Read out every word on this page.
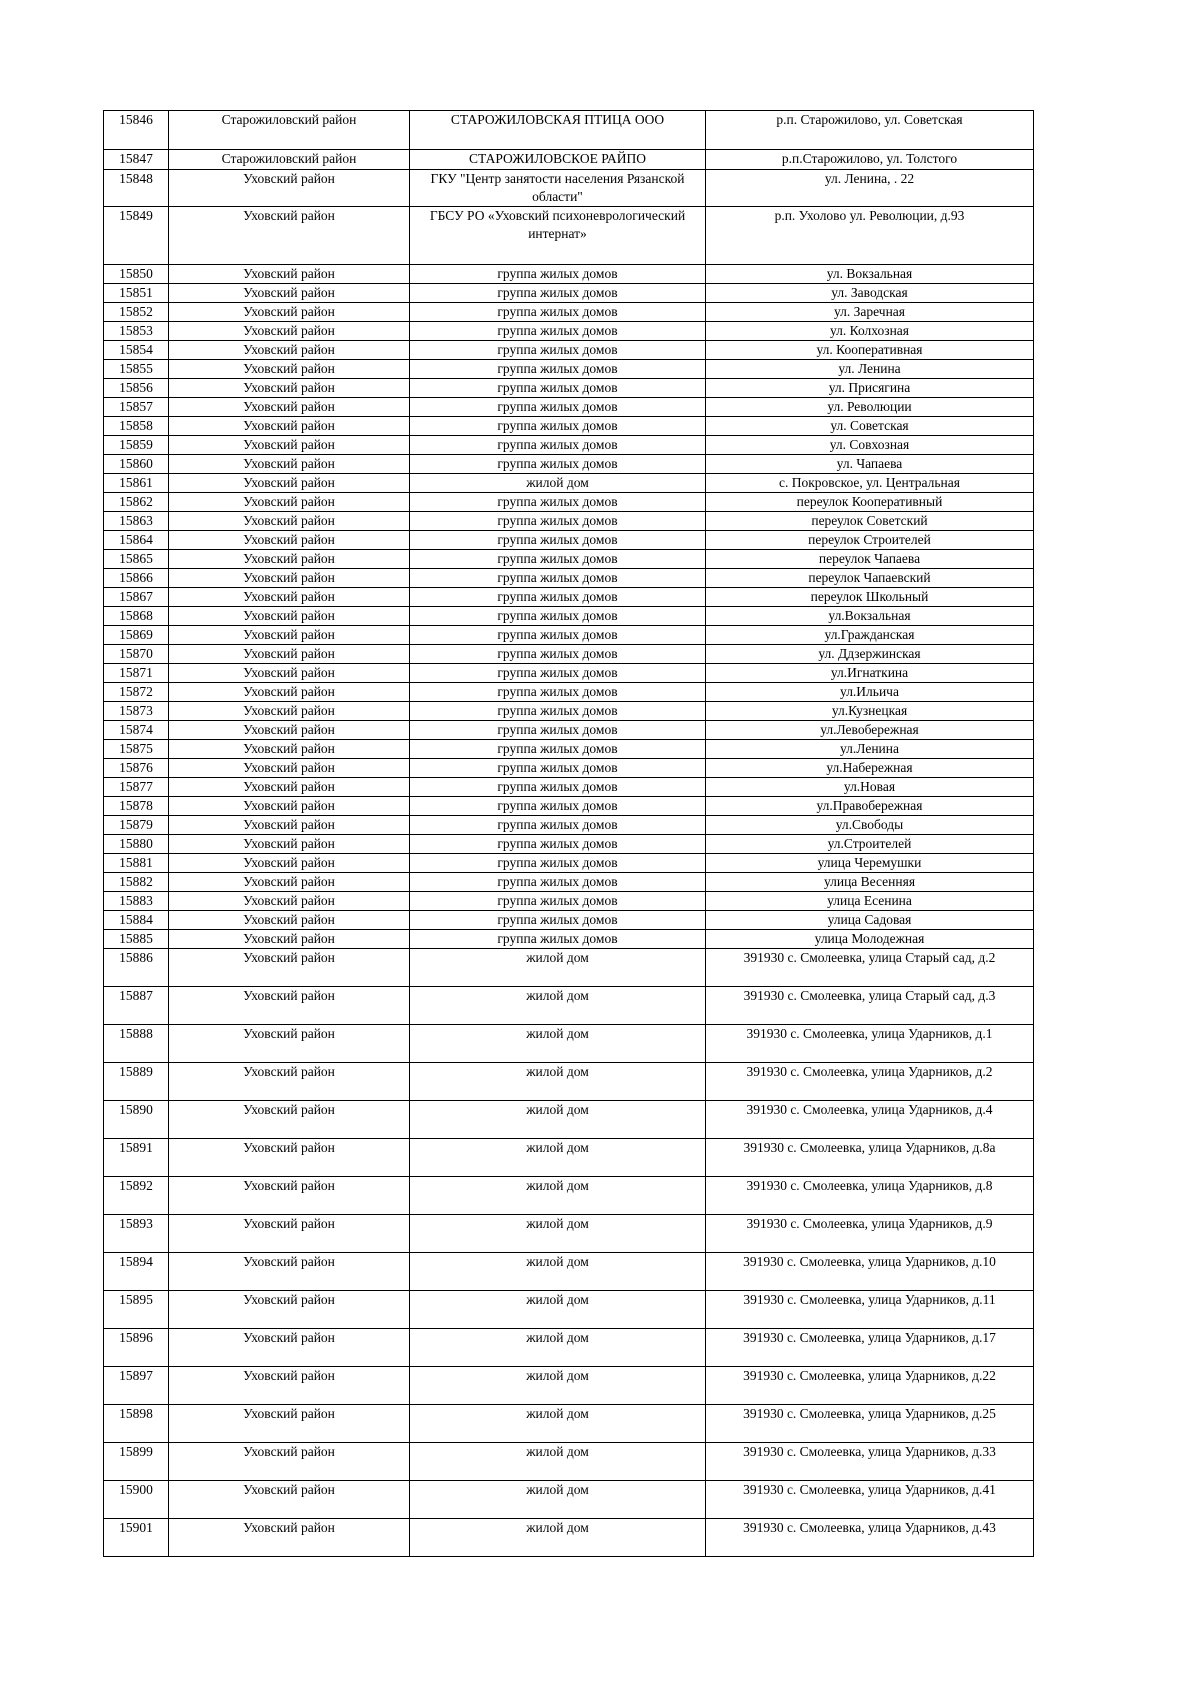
15846	Старожиловский район	СТАРОЖИЛОВСКАЯ ПТИЦА ООО	р.п. Старожилово, ул. Советская
15847	Старожиловский район	СТАРОЖИЛОВСКОЕ РАЙПО	р.п.Старожилово, ул. Толстого
15848	Уховский район	ГКУ "Центр занятости населения Рязанской области"	ул. Ленина, . 22
15849	Уховский район	ГБСУ РО «Уховский психоневрологический интернат»	р.п. Ухолово ул. Революции, д.93
15850	Уховский район	группа жилых домов	ул. Вокзальная
15851	Уховский район	группа жилых домов	ул. Заводская
15852	Уховский район	группа жилых домов	ул. Заречная
15853	Уховский район	группа жилых домов	ул. Колхозная
15854	Уховский район	группа жилых домов	ул. Кооперативная
15855	Уховский район	группа жилых домов	ул. Ленина
15856	Уховский район	группа жилых домов	ул. Присягина
15857	Уховский район	группа жилых домов	ул. Революции
15858	Уховский район	группа жилых домов	ул. Советская
15859	Уховский район	группа жилых домов	ул. Совхозная
15860	Уховский район	группа жилых домов	ул. Чапаева
15861	Уховский район	жилой дом	с. Покровское, ул. Центральная
15862	Уховский район	группа жилых домов	переулок Кооперативный
15863	Уховский район	группа жилых домов	переулок Советский
15864	Уховский район	группа жилых домов	переулок Строителей
15865	Уховский район	группа жилых домов	переулок Чапаева
15866	Уховский район	группа жилых домов	переулок Чапаевский
15867	Уховский район	группа жилых домов	переулок Школьный
15868	Уховский район	группа жилых домов	ул.Вокзальная
15869	Уховский район	группа жилых домов	ул.Гражданская
15870	Уховский район	группа жилых домов	ул. Ддзержинская
15871	Уховский район	группа жилых домов	ул.Игнаткина
15872	Уховский район	группа жилых домов	ул.Ильича
15873	Уховский район	группа жилых домов	ул.Кузнецкая
15874	Уховский район	группа жилых домов	ул.Левобережная
15875	Уховский район	группа жилых домов	ул.Ленина
15876	Уховский район	группа жилых домов	ул.Набережная
15877	Уховский район	группа жилых домов	ул.Новая
15878	Уховский район	группа жилых домов	ул.Правобережная
15879	Уховский район	группа жилых домов	ул.Свободы
15880	Уховский район	группа жилых домов	ул.Строителей
15881	Уховский район	группа жилых домов	улица Черемушки
15882	Уховский район	группа жилых домов	улица Весенняя
15883	Уховский район	группа жилых домов	улица Есенина
15884	Уховский район	группа жилых домов	улица Садовая
15885	Уховский район	группа жилых домов	улица Молодежная
15886	Уховский район	жилой дом	391930 с. Смолеевка, улица Старый сад, д.2
15887	Уховский район	жилой дом	391930 с. Смолеевка, улица Старый сад, д.3
15888	Уховский район	жилой дом	391930 с. Смолеевка, улица Ударников, д.1
15889	Уховский район	жилой дом	391930 с. Смолеевка, улица Ударников, д.2
15890	Уховский район	жилой дом	391930 с. Смолеевка, улица Ударников, д.4
15891	Уховский район	жилой дом	391930 с. Смолеевка, улица Ударников, д.8а
15892	Уховский район	жилой дом	391930 с. Смолеевка, улица Ударников, д.8
15893	Уховский район	жилой дом	391930 с. Смолеевка, улица Ударников, д.9
15894	Уховский район	жилой дом	391930 с. Смолеевка, улица Ударников, д.10
15895	Уховский район	жилой дом	391930 с. Смолеевка, улица Ударников, д.11
15896	Уховский район	жилой дом	391930 с. Смолеевка, улица Ударников, д.17
15897	Уховский район	жилой дом	391930 с. Смолеевка, улица Ударников, д.22
15898	Уховский район	жилой дом	391930 с. Смолеевка, улица Ударников, д.25
15899	Уховский район	жилой дом	391930 с. Смолеевка, улица Ударников, д.33
15900	Уховский район	жилой дом	391930 с. Смолеевка, улица Ударников, д.41
15901	Уховский район	жилой дом	391930 с. Смолеевка, улица Ударников, д.43
